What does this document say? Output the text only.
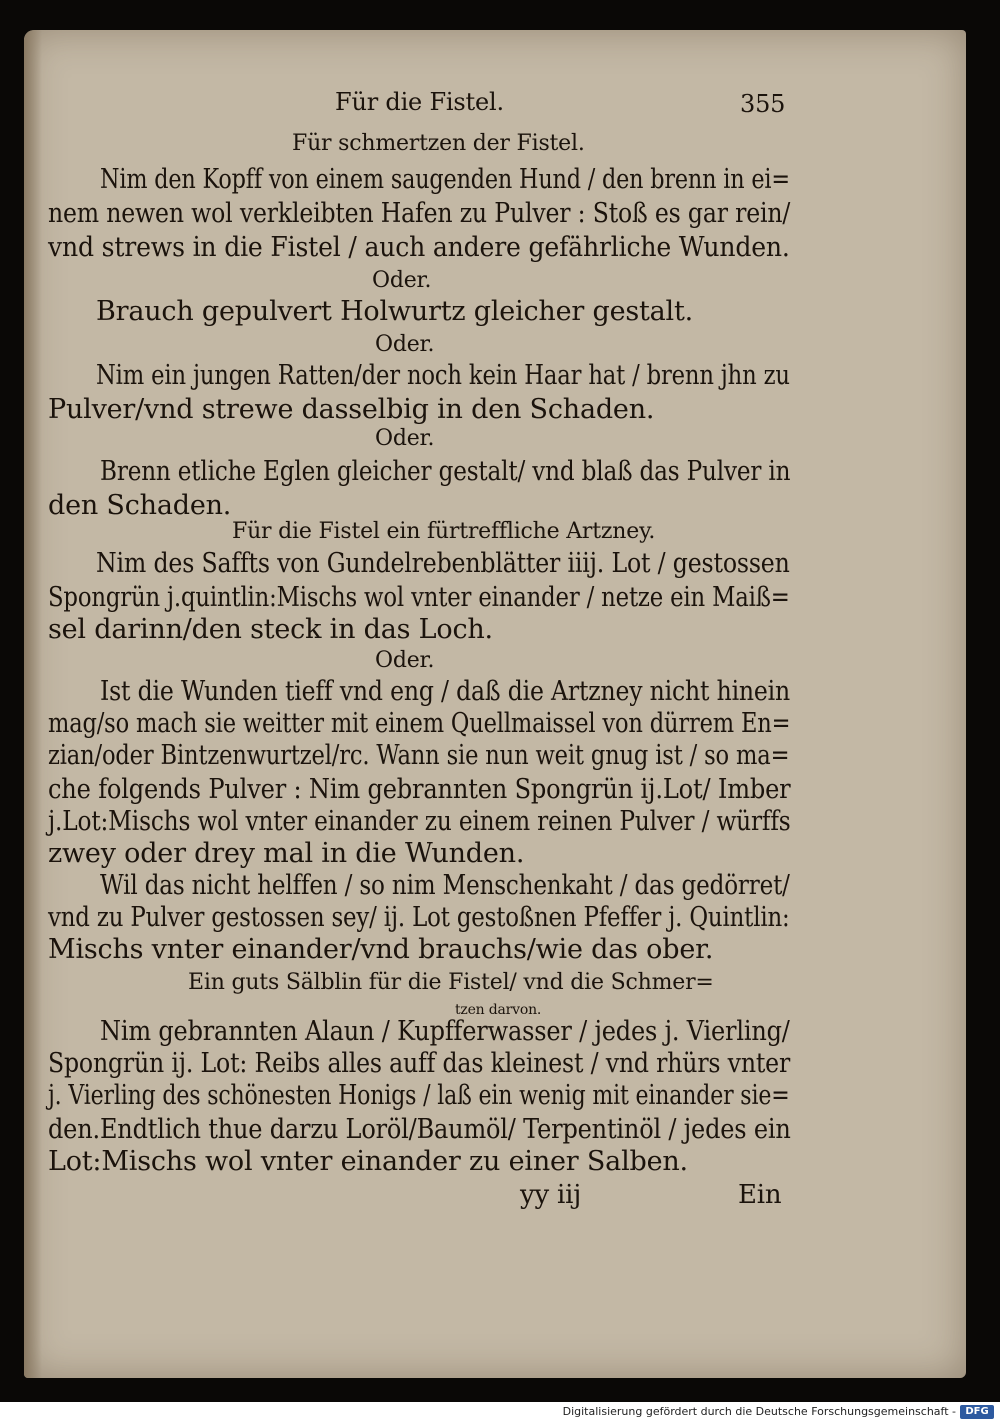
Für die Fistel.	355
Für schmertzen der Fistel.
Nim den Kopff von einem saugenden Hund / den brenn in ei=
nem newen wol verkleibten Hafen zu Pulver : Stoß es gar rein/
vnd strews in die Fistel / auch andere gefährliche Wunden.
Oder.
Brauch gepulvert Holwurtz gleicher gestalt.
Oder.
Nim ein jungen Ratten/der noch kein Haar hat / brenn jhn zu
Pulver/vnd strewe dasselbig in den Schaden.
Oder.
Brenn etliche Eglen gleicher gestalt/ vnd blaß das Pulver in
den Schaden.
Für die Fistel ein fürtreffliche Artzney.
Nim des Saffts von Gundelrebenblätter iiij. Lot / gestossen
Spongrün j.quintlin:Mischs wol vnter einander / netze ein Maiß=
sel darinn/den steck in das Loch.
Oder.
Ist die Wunden tieff vnd eng / daß die Artzney nicht hinein
mag/so mach sie weitter mit einem Quellmaissel von dürrem En=
zian/oder Bintzenwurtzel/rc. Wann sie nun weit gnug ist / so ma=
che folgends Pulver : Nim gebrannten Spongrün ij.Lot/ Imber
j.Lot:Mischs wol vnter einander zu einem reinen Pulver / würffs
zwey oder drey mal in die Wunden.
Wil das nicht helffen / so nim Menschenkaht / das gedörret/
vnd zu Pulver gestossen sey/ ij. Lot gestoßnen Pfeffer j. Quintlin:
Mischs vnter einander/vnd brauchs/wie das ober.
Ein guts Sälblin für die Fistel/ vnd die Schmer=
tzen darvon.
Nim gebrannten Alaun / Kupfferwasser / jedes j. Vierling/
Spongrün ij. Lot: Reibs alles auff das kleinest / vnd rhürs vnter
j. Vierling des schönesten Honigs / laß ein wenig mit einander sie=
den.Endtlich thue darzu Loröl/Baumöl/ Terpentinöl / jedes ein
Lot:Mischs wol vnter einander zu einer Salben.
yy iij	Ein
Digitalisierung gefördert durch die Deutsche Forschungsgemeinschaft - DFG
